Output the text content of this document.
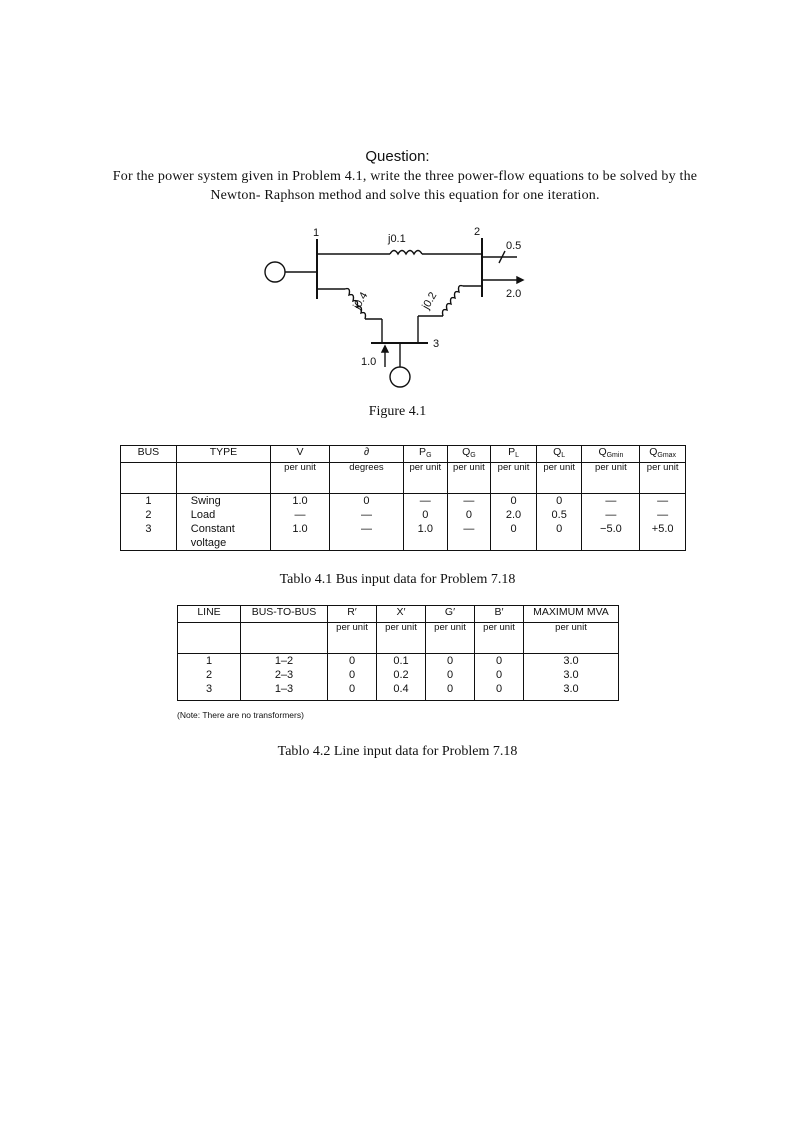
Question:
For the power system given in Problem 4.1, write the three power-flow equations to be solved by the Newton- Raphson method and solve this equation for one iteration.
1	2
3
j0.1
j0.4	j0.2
0.5
2.0
1.0
Figure 4.1
BUS	TYPE	V	∂	$P_G$	$Q_G$	$P_L$	$Q_L$	$Q_{Gmin}$	$Q_{Gmax}$
		per unit	degrees	per unit	per unit	per unit	per unit	per unit	per unit
1	Swing	1.0	0	—	—	0	0	—	—
2	Load	—	—	0	0	2.0	0.5	—	—
3	Constant voltage	1.0	—	1.0	—	0	0	−5.0	+5.0
Tablo 4.1 Bus input data for Problem 7.18
LINE	BUS-TO-BUS	R′	X′	G′	B′	MAXIMUM MVA
		per unit	per unit	per unit	per unit	per unit
1	1–2	0	0.1	0	0	3.0
2	2–3	0	0.2	0	0	3.0
3	1–3	0	0.4	0	0	3.0
(Note: There are no transformers)
Tablo 4.2 Line input data for Problem 7.18
